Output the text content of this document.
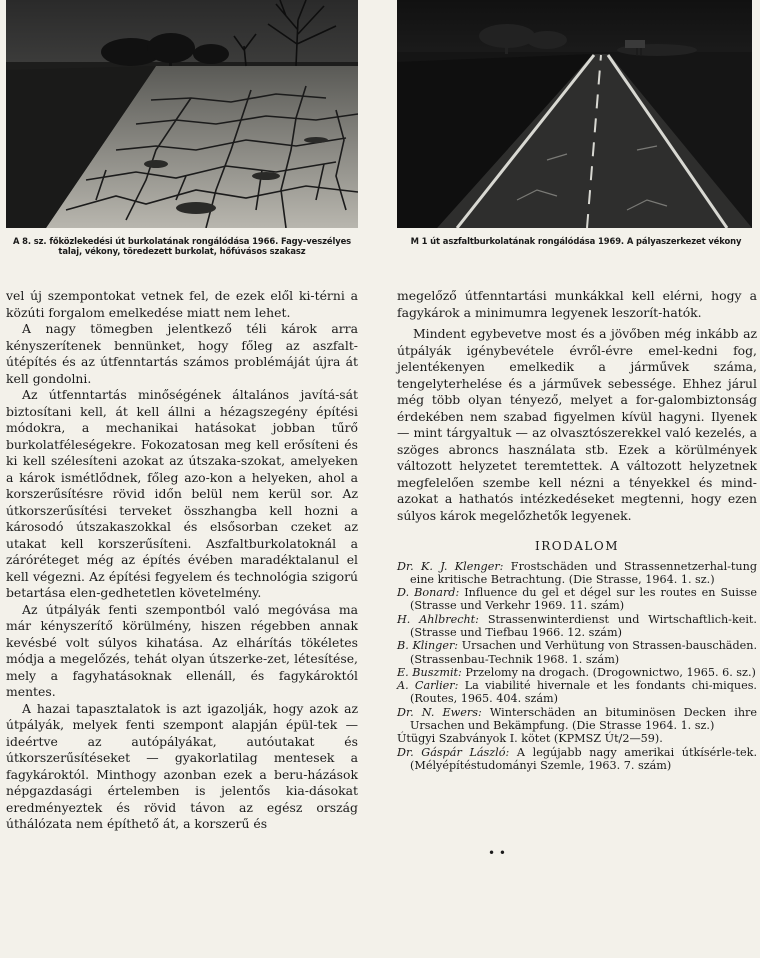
A 8. sz. főközlekedési út burkolatának rongálódása 1966. Fagy-veszélyes talaj, vékony, töredezett burkolat, hőfúvásos szakasz
M 1 út aszfaltburkolatának rongálódása 1969. A pályaszerkezet vékony

vel új szempontokat vetnek fel, de ezek elől ki-térni a közúti forgalom emelkedése miatt nem lehet.

A nagy tömegben jelentkező téli károk arra kényszerítenek bennünket, hogy főleg az aszfalt-útépítés és az útfenntartás számos problémáját újra át kell gondolni.

Az útfenntartás minőségének általános javítá-sát biztosítani kell, át kell állni a hézagszegény építési módokra, a mechanikai hatásokat jobban tűrő burkolatféleségekre. Fokozatosan meg kell erősíteni és ki kell szélesíteni azokat az útszaka-szokat, amelyeken a károk ismétlődnek, főleg azo-kon a helyeken, ahol a korszerűsítésre rövid időn belül nem kerül sor. Az útkorszerűsítési terveket összhangba kell hozni a károsodó útszakaszokkal és elsősorban czeket az utakat kell korszerűsíteni. Aszfaltburkolatoknál a záróréteget még az építés évében maradéktalanul el kell végezni. Az építési fegyelem és technológia szigorú betartása elen-gedhetetlen követelmény.

Az útpályák fenti szempontból való megóvása ma már kényszerítő körülmény, hiszen régebben annak kevésbé volt súlyos kihatása. Az elhárítás tökéletes módja a megelőzés, tehát olyan útszerke-zet, létesítése, mely a fagyhatásoknak ellenáll, és fagykároktól mentes.

A hazai tapasztalatok is azt igazolják, hogy azok az útpályák, melyek fenti szempont alapján épül-tek — ideértve az autópályákat, autóutakat és útkorszerűsítéseket — gyakorlatilag mentesek a fagykároktól. Minthogy azonban ezek a beru-házások népgazdasági értelemben is jelentős kia-dásokat eredményeztek és rövid távon az egész ország úthálózata nem építhető át, a korszerű és

megelőző útfenntartási munkákkal kell elérni, hogy a fagykárok a minimumra legyenek leszorít-hatók.

Mindent egybevetve most és a jövőben még inkább az útpályák igénybevétele évről-évre emel-kedni fog, jelentékenyen emelkedik a járművek száma, tengelyterhelése és a járművek sebessége. Ehhez járul még több olyan tényező, melyet a for-galombiztonság érdekében nem szabad figyelmen kívül hagyni. Ilyenek — mint tárgyaltuk — az olvasztószerekkel való kezelés, a szöges abroncs használata stb. Ezek a körülmények változott helyzetet teremtettek. A változott helyzetnek megfelelően szembe kell nézni a tényekkel és mind-azokat a hathatós intézkedéseket megtenni, hogy ezen súlyos károk megelőzhetők legyenek.

IRODALOM

Dr. K. J. Klenger: Frostschäden und Strassennetzerhal-tung eine kritische Betrachtung. (Die Strasse, 1964. 1. sz.)

D. Bonard: Influence du gel et dégel sur les routes en Suisse (Strasse und Verkehr 1969. 11. szám)

H. Ahlbrecht: Strassenwinterdienst und Wirtschaftlich-keit. (Strasse und Tiefbau 1966. 12. szám)

B. Klinger: Ursachen und Verhütung von Strassen-bauschäden. (Strassenbau-Technik 1968. 1. szám)

E. Buszmit: Przelomy na drogach. (Drogownictwo, 1965. 6. sz.)

A. Carlier: La viabilité hivernale et les fondants chi-miques. (Routes, 1965. 404. szám)

Dr. N. Ewers: Winterschäden an bituminösen Decken ihre Ursachen und Bekämpfung. (Die Strasse 1964. 1. sz.)

Útügyi Szabványok I. kötet (KPMSZ Út/2—59).

Dr. Gáspár László: A legújabb nagy amerikai útkísérle-tek. (Mélyépítéstudományi Szemle, 1963. 7. szám)

• •
